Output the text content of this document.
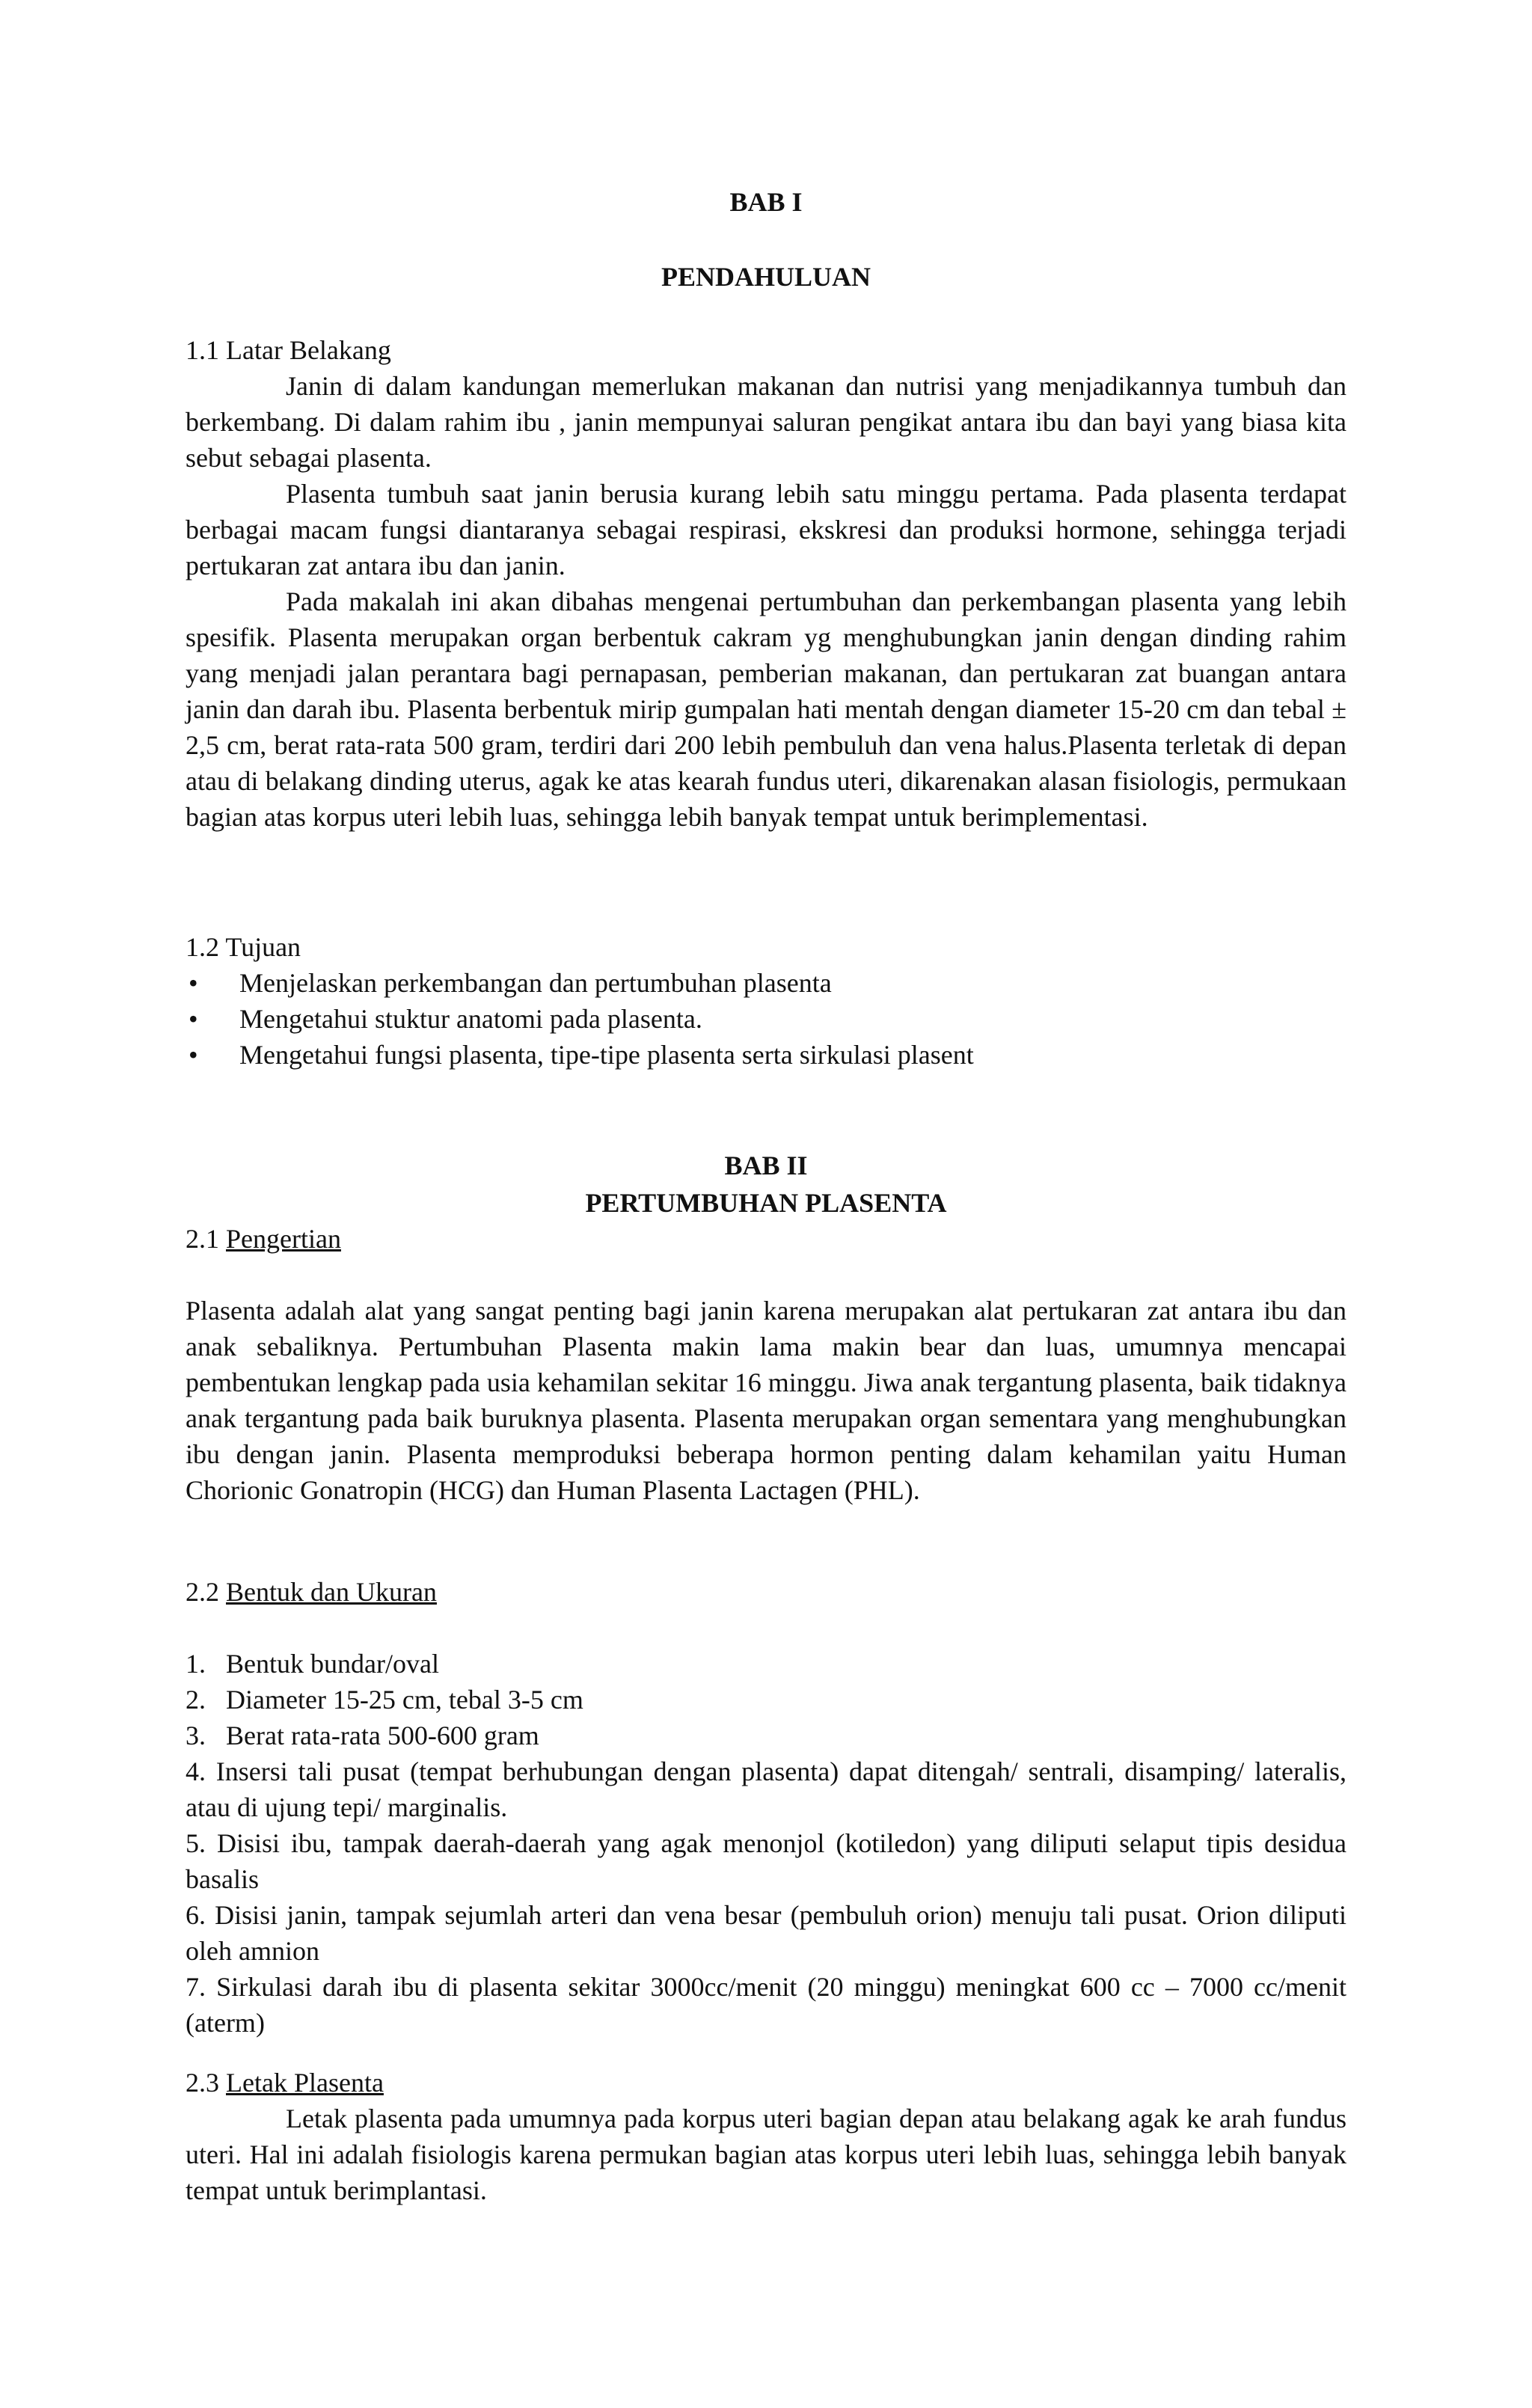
BAB I
PENDAHULUAN

1.1 Latar Belakang

Janin di dalam kandungan memerlukan makanan dan nutrisi yang menjadikannya tumbuh dan berkembang. Di dalam rahim ibu , janin mempunyai saluran pengikat antara ibu dan bayi yang biasa kita sebut sebagai plasenta.

Plasenta tumbuh saat janin berusia kurang lebih satu minggu pertama. Pada plasenta terdapat berbagai macam fungsi diantaranya sebagai respirasi, ekskresi dan produksi hormone, sehingga terjadi pertukaran zat antara ibu dan janin.

Pada makalah ini akan dibahas mengenai pertumbuhan dan perkembangan plasenta yang lebih spesifik. Plasenta merupakan organ berbentuk cakram yg menghubungkan janin dengan dinding rahim yang menjadi jalan perantara bagi pernapasan, pemberian makanan, dan pertukaran zat buangan antara janin dan darah ibu. Plasenta berbentuk mirip gumpalan hati mentah dengan diameter 15-20 cm dan tebal ± 2,5 cm, berat rata-rata 500 gram, terdiri dari 200 lebih pembuluh dan vena halus.Plasenta terletak di depan atau di belakang dinding uterus, agak ke atas kearah fundus uteri, dikarenakan alasan fisiologis, permukaan bagian atas korpus uteri lebih luas, sehingga lebih banyak tempat untuk berimplementasi.

1.2 Tujuan

• Menjelaskan perkembangan dan pertumbuhan plasenta
• Mengetahui stuktur anatomi pada plasenta.
• Mengetahui fungsi plasenta, tipe-tipe plasenta serta sirkulasi plasent
BAB II
PERTUMBUHAN PLASENTA

2.1 Pengertian

Plasenta adalah alat yang sangat penting bagi janin karena merupakan alat pertukaran zat antara ibu dan anak sebaliknya. Pertumbuhan Plasenta makin lama makin bear dan luas, umumnya mencapai pembentukan lengkap pada usia kehamilan sekitar 16 minggu. Jiwa anak tergantung plasenta, baik tidaknya anak tergantung pada baik buruknya plasenta. Plasenta merupakan organ sementara yang menghubungkan ibu dengan janin. Plasenta memproduksi beberapa hormon penting dalam kehamilan yaitu Human Chorionic Gonatropin (HCG) dan Human Plasenta Lactagen (PHL).

2.2 Bentuk dan Ukuran

1.   Bentuk bundar/oval

2.   Diameter 15-25 cm, tebal 3-5 cm

3.   Berat rata-rata 500-600 gram

4. Insersi tali pusat (tempat berhubungan dengan plasenta) dapat ditengah/ sentrali, disamping/ lateralis, atau di ujung tepi/ marginalis.

5. Disisi ibu, tampak daerah-daerah yang agak menonjol (kotiledon) yang diliputi selaput tipis desidua basalis

6. Disisi janin, tampak sejumlah arteri dan vena besar (pembuluh orion) menuju tali pusat. Orion diliputi oleh amnion

7. Sirkulasi darah ibu di plasenta sekitar 3000cc/menit (20 minggu) meningkat 600 cc – 7000 cc/menit (aterm)

2.3 Letak Plasenta

Letak plasenta pada umumnya pada korpus uteri bagian depan atau belakang agak ke arah fundus uteri. Hal ini adalah fisiologis karena permukan bagian atas korpus uteri lebih luas, sehingga lebih banyak tempat untuk berimplantasi.
